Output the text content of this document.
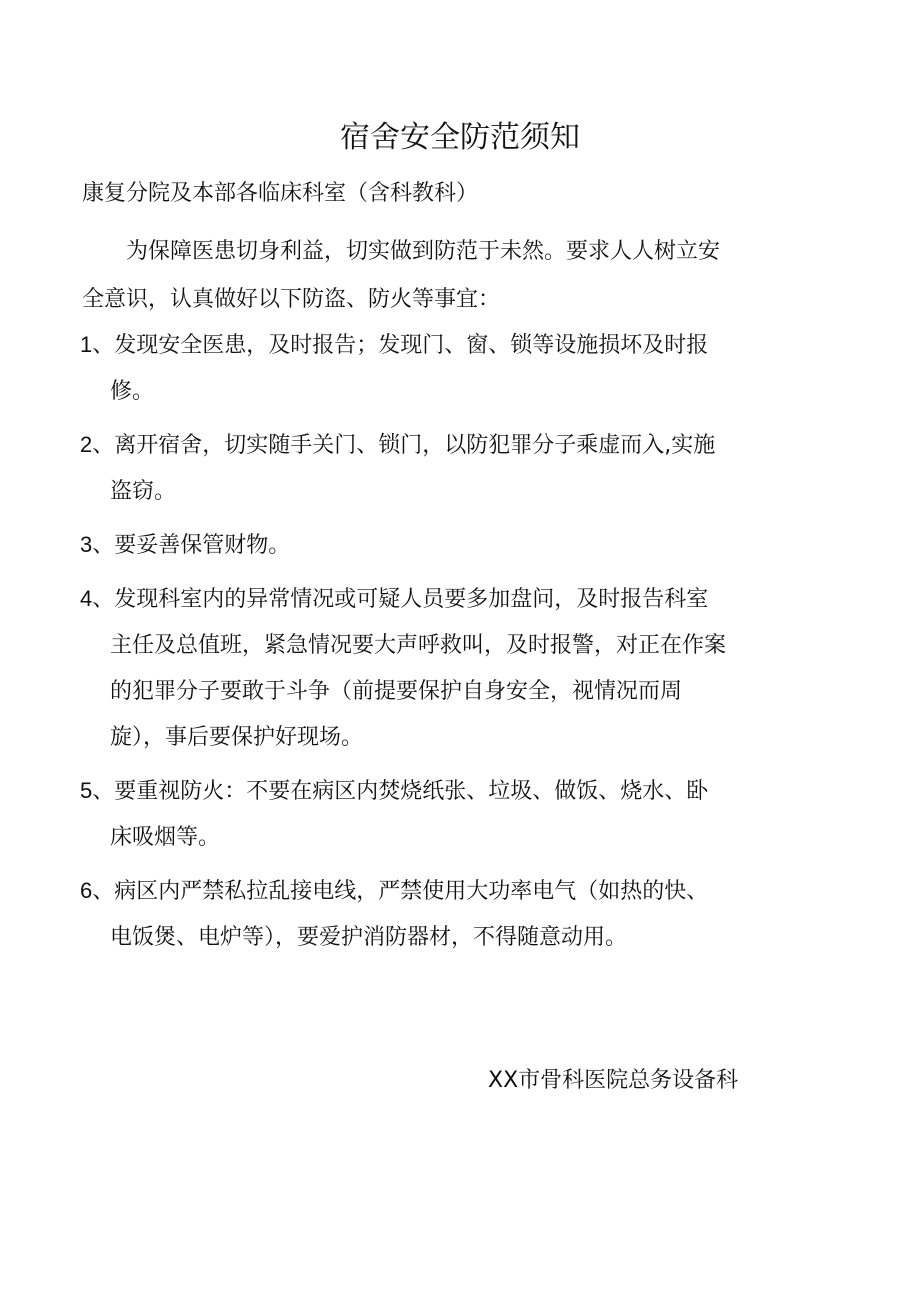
宿舍安全防范须知
康复分院及本部各临床科室（含科教科）
为保障医患切身利益，切实做到防范于未然。要求人人树立安
全意识，认真做好以下防盗、防火等事宜：
1、发现安全医患，及时报告；发现门、窗、锁等设施损坏及时报
修。
2、离开宿舍，切实随手关门、锁门，以防犯罪分子乘虚而入,实施
盗窃。
3、要妥善保管财物。
4、发现科室内的异常情况或可疑人员要多加盘问，及时报告科室
主任及总值班，紧急情况要大声呼救叫，及时报警，对正在作案
的犯罪分子要敢于斗争（前提要保护自身安全，视情况而周
旋），事后要保护好现场。
5、要重视防火：不要在病区内焚烧纸张、垃圾、做饭、烧水、卧
床吸烟等。
6、病区内严禁私拉乱接电线，严禁使用大功率电气（如热的快、
电饭煲、电炉等），要爱护消防器材，不得随意动用。
XX市骨科医院总务设备科
